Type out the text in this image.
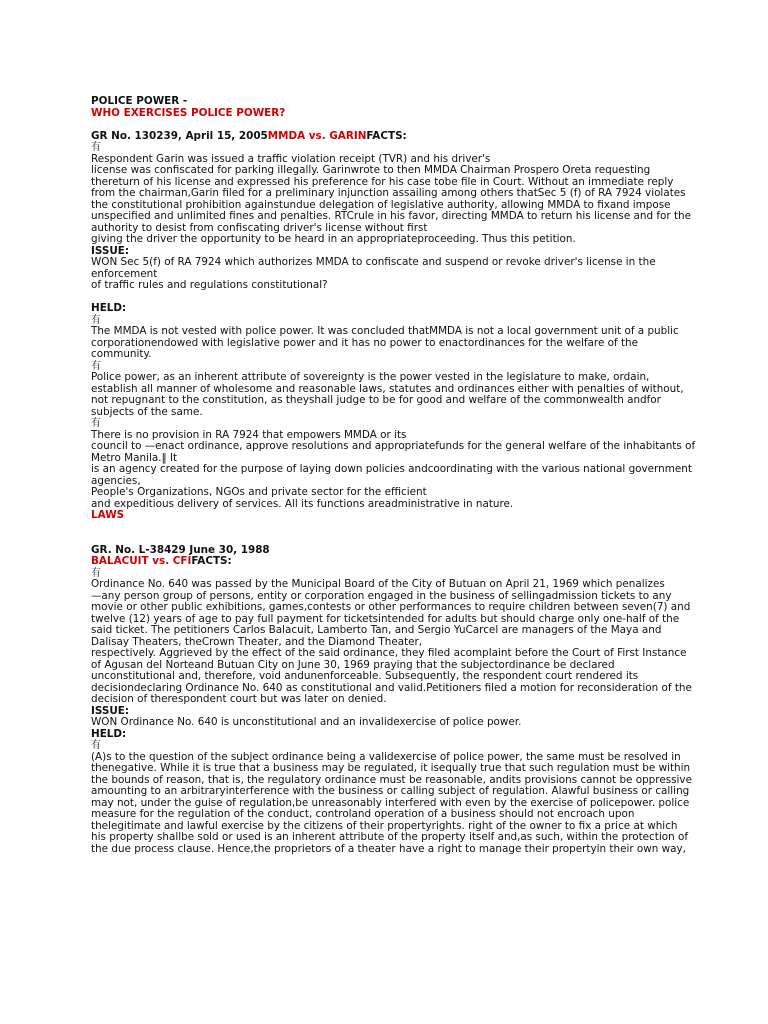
POLICE POWER -
WHO EXERCISES POLICE POWER?
GR No. 130239, April 15, 2005MMDA vs. GARINFACTS:
有
Respondent Garin was issued a traffic violation receipt (TVR) and his driver's
license was confiscated for parking illegally. Garinwrote to then MMDA Chairman Prospero Oreta requesting
thereturn of his license and expressed his preference for his case tobe file in Court. Without an immediate reply
from the chairman,Garin filed for a preliminary injunction assailing among others thatSec 5 (f) of RA 7924 violates
the constitutional prohibition againstundue delegation of legislative authority, allowing MMDA to fixand impose
unspecified and unlimited fines and penalties. RTCrule in his favor, directing MMDA to return his license and for the
authority to desist from confiscating driver's license without first
giving the driver the opportunity to be heard in an appropriateproceeding. Thus this petition.
ISSUE:
WON Sec 5(f) of RA 7924 which authorizes MMDA to confiscate and suspend or revoke driver's license in the
enforcement
of traffic rules and regulations constitutional?
HELD:
有
The MMDA is not vested with police power. It was concluded thatMMDA is not a local government unit of a public
corporationendowed with legislative power and it has no power to enactordinances for the welfare of the
community.
有
Police power, as an inherent attribute of sovereignty is the power vested in the legislature to make, ordain,
establish all manner of wholesome and reasonable laws, statutes and ordinances either with penalties of without,
not repugnant to the constitution, as theyshall judge to be for good and welfare of the commonwealth andfor
subjects of the same.
有
There is no provision in RA 7924 that empowers MMDA or its
council to —enact ordinance, approve resolutions and appropriatefunds for the general welfare of the inhabitants of
Metro Manila.‖ It
is an agency created for the purpose of laying down policies andcoordinating with the various national government
agencies,
People's Organizations, NGOs and private sector for the efficient
and expeditious delivery of services. All its functions areadministrative in nature.
LAWS
GR. No. L-38429 June 30, 1988
BALACUIT vs. CFIFACTS:
有
Ordinance No. 640 was passed by the Municipal Board of the City of Butuan on April 21, 1969 which penalizes
—any person group of persons, entity or corporation engaged in the business of sellingadmission tickets to any
movie or other public exhibitions, games,contests or other performances to require children between seven(7) and
twelve (12) years of age to pay full payment for ticketsintended for adults but should charge only one-half of the
said ticket. The petitioners Carlos Balacuit, Lamberto Tan, and Sergio YuCarcel are managers of the Maya and
Dalisay Theaters, theCrown Theater, and the Diamond Theater,
respectively. Aggrieved by the effect of the said ordinance, they filed acomplaint before the Court of First Instance
of Agusan del Norteand Butuan City on June 30, 1969 praying that the subjectordinance be declared
unconstitutional and, therefore, void andunenforceable. Subsequently, the respondent court rendered its
decisiondeclaring Ordinance No. 640 as constitutional and valid.Petitioners filed a motion for reconsideration of the
decision of therespondent court but was later on denied.
ISSUE:
WON Ordinance No. 640 is unconstitutional and an invalidexercise of police power.
HELD:
有
(A)s to the question of the subject ordinance being a validexercise of police power, the same must be resolved in
thenegative. While it is true that a business may be regulated, it isequally true that such regulation must be within
the bounds of reason, that is, the regulatory ordinance must be reasonable, andits provisions cannot be oppressive
amounting to an arbitraryinterference with the business or calling subject of regulation. Alawful business or calling
may not, under the guise of regulation,be unreasonably interfered with even by the exercise of policepower. police
measure for the regulation of the conduct, controland operation of a business should not encroach upon
thelegitimate and lawful exercise by the citizens of their propertyrights. right of the owner to fix a price at which
his property shallbe sold or used is an inherent attribute of the property itself and,as such, within the protection of
the due process clause. Hence,the proprietors of a theater have a right to manage their propertyin their own way,
